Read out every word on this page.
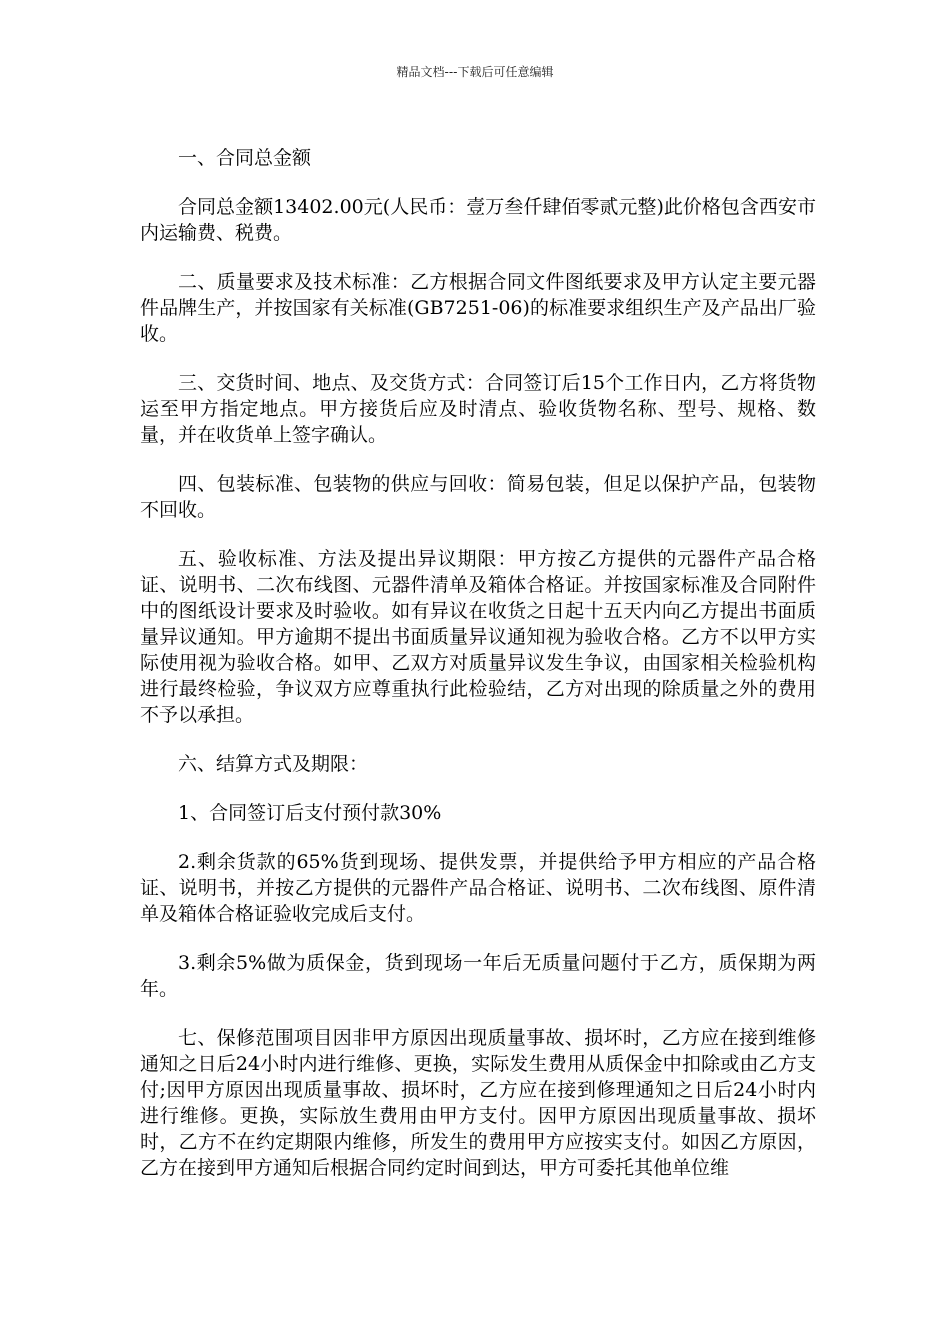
精品文档---下载后可任意编辑

一、合同总金额

合同总金额13402.00元(人民币：壹万叁仟肆佰零贰元整)此价格包含西安市内运输费、税费。

二、质量要求及技术标准：乙方根据合同文件图纸要求及甲方认定主要元器件品牌生产，并按国家有关标准(GB7251-06)的标准要求组织生产及产品出厂验收。

三、交货时间、地点、及交货方式：合同签订后15个工作日内，乙方将货物运至甲方指定地点。甲方接货后应及时清点、验收货物名称、型号、规格、数量，并在收货单上签字确认。

四、包装标准、包装物的供应与回收：简易包装，但足以保护产品，包装物不回收。

五、验收标准、方法及提出异议期限：甲方按乙方提供的元器件产品合格证、说明书、二次布线图、元器件清单及箱体合格证。并按国家标准及合同附件中的图纸设计要求及时验收。如有异议在收货之日起十五天内向乙方提出书面质量异议通知。甲方逾期不提出书面质量异议通知视为验收合格。乙方不以甲方实际使用视为验收合格。如甲、乙双方对质量异议发生争议，由国家相关检验机构进行最终检验，争议双方应尊重执行此检验结，乙方对出现的除质量之外的费用不予以承担。

六、结算方式及期限：

1、合同签订后支付预付款30%

2.剩余货款的65%货到现场、提供发票，并提供给予甲方相应的产品合格证、说明书，并按乙方提供的元器件产品合格证、说明书、二次布线图、原件清单及箱体合格证验收完成后支付。

3.剩余5%做为质保金，货到现场一年后无质量问题付于乙方，质保期为两年。

七、保修范围项目因非甲方原因出现质量事故、损坏时，乙方应在接到维修通知之日后24小时内进行维修、更换，实际发生费用从质保金中扣除或由乙方支付;因甲方原因出现质量事故、损坏时，乙方应在接到修理通知之日后24小时内进行维修。更换，实际放生费用由甲方支付。因甲方原因出现质量事故、损坏时，乙方不在约定期限内维修，所发生的费用甲方应按实支付。如因乙方原因，乙方在接到甲方通知后根据合同约定时间到达，甲方可委托其他单位维
